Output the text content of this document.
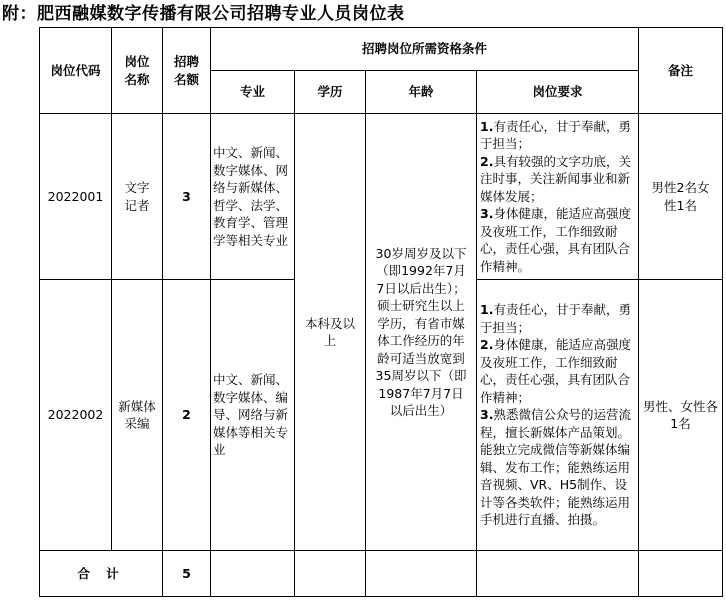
附：肥西融媒数字传播有限公司招聘专业人员岗位表
岗位代码	岗位名称	招聘名额	招聘岗位所需资格条件				备注
			专业	学历	年龄	岗位要求	
2022001	文字记者	3	中文、新闻、数字媒体、网络与新媒体、哲学、法学、教育学、管理学等相关专业	本科及以上	30岁周岁及以下（即1992年7月7日以后出生）；硕士研究生以上学历，有省市媒体工作经历的年龄可适当放宽到35周岁以下（即1987年7月7日以后出生）	1.有责任心，甘于奉献，勇于担当；
2.具有较强的文字功底，关注时事，关注新闻事业和新媒体发展；
3.身体健康，能适应高强度及夜班工作，工作细致耐心，责任心强，具有团队合作精神。	男性2名女性1名
2022002	新媒体采编	2	中文、新闻、数字媒体、编导、网络与新媒体等相关专业			1.有责任心，甘于奉献，勇于担当；
2.身体健康，能适应高强度及夜班工作，工作细致耐心，责任心强，具有团队合作精神；
3.熟悉微信公众号的运营流程，擅长新媒体产品策划。能独立完成微信等新媒体编辑、发布工作；能熟练运用音视频、VR、H5制作、设计等各类软件；能熟练运用手机进行直播、拍摄。	男性、女性各1名
合 计		5					
